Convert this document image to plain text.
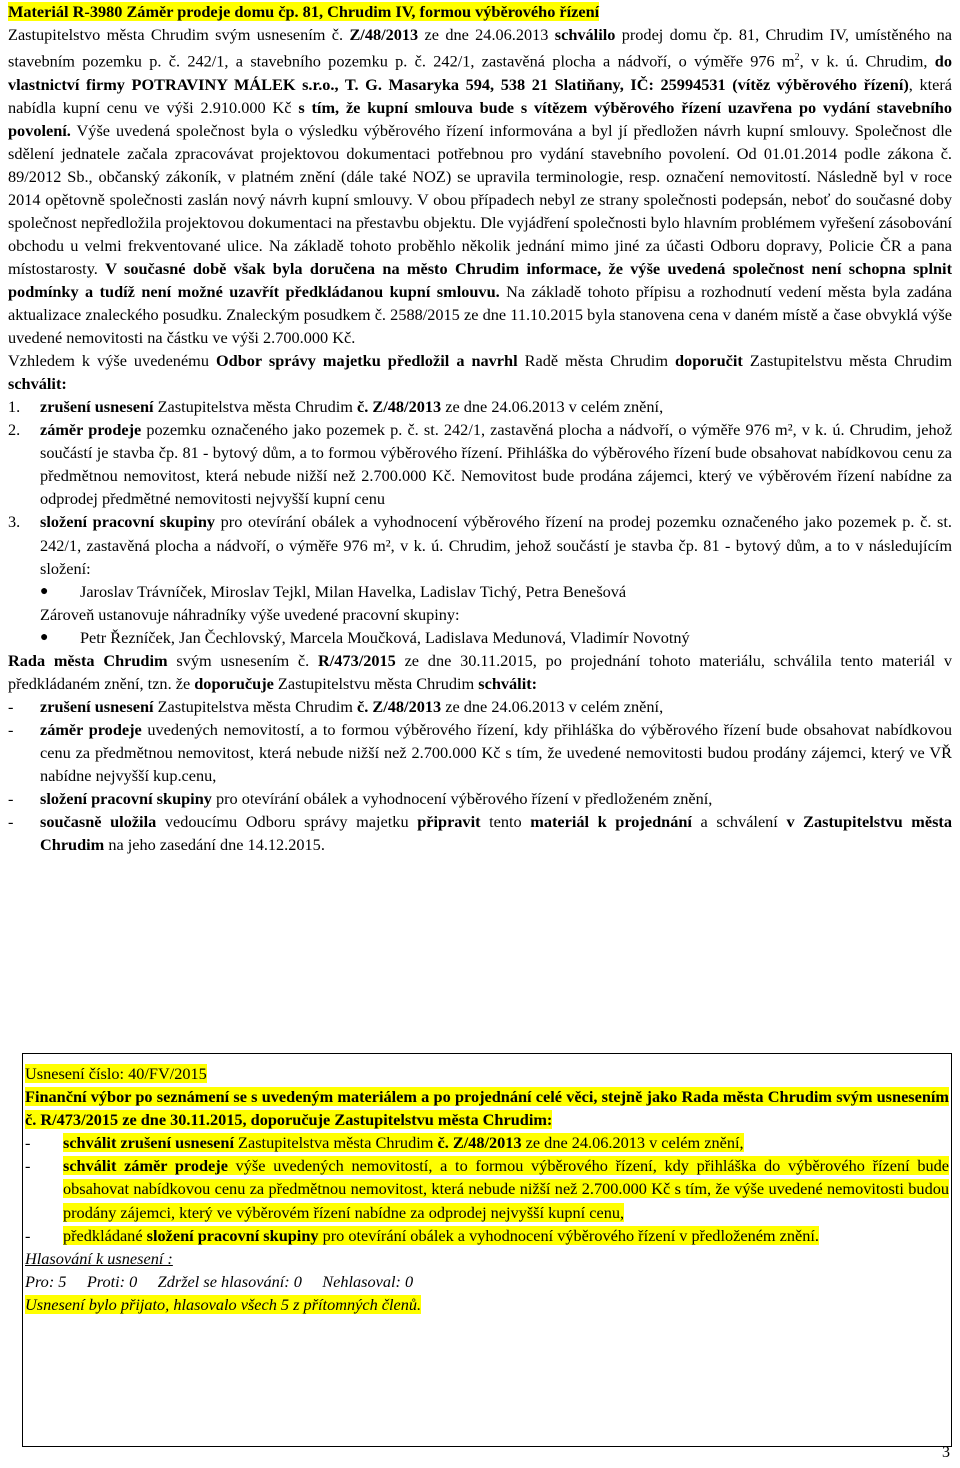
Materiál R-3980 Záměr prodeje domu čp. 81, Chrudim IV, formou výběrového řízení

Zastupitelstvo města Chrudim svým usnesením č. Z/48/2013 ze dne 24.06.2013 schválilo prodej domu čp. 81, Chrudim IV, umístěného na stavebním pozemku p. č. 242/1, a stavebního pozemku p. č. 242/1, zastavěná plocha a nádvoří, o výměře 976 $m^2$, v k. ú. Chrudim, do vlastnictví firmy POTRAVINY MÁLEK s.r.o., T. G. Masaryka 594, 538 21 Slatiňany, IČ: 25994531 (vítěz výběrového řízení), která nabídla kupní cenu ve výši 2.910.000 Kč s tím, že kupní smlouva bude s vítězem výběrového řízení uzavřena po vydání stavebního povolení. Výše uvedená společnost byla o výsledku výběrového řízení informována a byl jí předložen návrh kupní smlouvy. Společnost dle sdělení jednatele začala zpracovávat projektovou dokumentaci potřebnou pro vydání stavebního povolení. Od 01.01.2014 podle zákona č. 89/2012 Sb., občanský zákoník, v platném znění (dále také NOZ) se upravila terminologie, resp. označení nemovitostí. Následně byl v roce 2014 opětovně společnosti zaslán nový návrh kupní smlouvy. V obou případech nebyl ze strany společnosti podepsán, neboť do současné doby společnost nepředložila projektovou dokumentaci na přestavbu objektu. Dle vyjádření společnosti bylo hlavním problémem vyřešení zásobování obchodu u velmi frekventované ulice. Na základě tohoto proběhlo několik jednání mimo jiné za účasti Odboru dopravy, Policie ČR a pana místostarosty. V současné době však byla doručena na město Chrudim informace, že výše uvedená společnost není schopna splnit podmínky a tudíž není možné uzavřít předkládanou kupní smlouvu. Na základě tohoto přípisu a rozhodnutí vedení města byla zadána aktualizace znaleckého posudku. Znaleckým posudkem č. 2588/2015 ze dne 11.10.2015 byla stanovena cena v daném místě a čase obvyklá výše uvedené nemovitosti na částku ve výši 2.700.000 Kč.

Vzhledem k výše uvedenému Odbor správy majetku předložil a navrhl Radě města Chrudim doporučit Zastupitelstvu města Chrudim schválit:

1.	zrušení usnesení Zastupitelstva města Chrudim č. Z/48/2013 ze dne 24.06.2013 v celém znění,
2.	záměr prodeje pozemku označeného jako pozemek p. č. st. 242/1, zastavěná plocha a nádvoří, o výměře 976 m², v k. ú. Chrudim, jehož součástí je stavba čp. 81 - bytový dům, a to formou výběrového řízení. Přihláška do výběrového řízení bude obsahovat nabídkovou cenu za předmětnou nemovitost, která nebude nižší než 2.700.000 Kč. Nemovitost bude prodána zájemci, který ve výběrovém řízení nabídne za odprodej předmětné nemovitosti nejvyšší kupní cenu
3.	složení pracovní skupiny pro otevírání obálek a vyhodnocení výběrového řízení na prodej pozemku označeného jako pozemek p. č. st. 242/1, zastavěná plocha a nádvoří, o výměře 976 m², v k. ú. Chrudim, jehož součástí je stavba čp. 81 - bytový dům, a to v následujícím složení:
●	Jaroslav Trávníček, Miroslav Tejkl, Milan Havelka, Ladislav Tichý, Petra Benešová
Zároveň ustanovuje náhradníky výše uvedené pracovní skupiny:
●	Petr Řezníček, Jan Čechlovský, Marcela Moučková, Ladislava Medunová, Vladimír Novotný

Rada města Chrudim svým usnesením č. R/473/2015 ze dne 30.11.2015, po projednání tohoto materiálu, schválila tento materiál v předkládaném znění, tzn. že doporučuje Zastupitelstvu města Chrudim schválit:

-	zrušení usnesení Zastupitelstva města Chrudim č. Z/48/2013 ze dne 24.06.2013 v celém znění,
-	záměr prodeje uvedených nemovitostí, a to formou výběrového řízení, kdy přihláška do výběrového řízení bude obsahovat nabídkovou cenu za předmětnou nemovitost, která nebude nižší než 2.700.000 Kč s tím, že uvedené nemovitosti budou prodány zájemci, který ve VŘ nabídne nejvyšší kup.cenu,
-	složení pracovní skupiny pro otevírání obálek a vyhodnocení výběrového řízení v předloženém znění,
-	současně uložila vedoucímu Odboru správy majetku připravit tento materiál k projednání a schválení v Zastupitelstvu města Chrudim na jeho zasedání dne 14.12.2015.
Usnesení číslo: 40/FV/2015
Finanční výbor po seznámení se s uvedeným materiálem a po projednání celé věci, stejně jako Rada města Chrudim svým usnesením č. R/473/2015 ze dne 30.11.2015, doporučuje Zastupitelstvu města Chrudim:
-	schválit zrušení usnesení Zastupitelstva města Chrudim č. Z/48/2013 ze dne 24.06.2013 v celém znění,
-	schválit záměr prodeje výše uvedených nemovitostí, a to formou výběrového řízení, kdy přihláška do výběrového řízení bude obsahovat nabídkovou cenu za předmětnou nemovitost, která nebude nižší než 2.700.000 Kč s tím, že výše uvedené nemovitosti budou prodány zájemci, který ve výběrovém řízení nabídne za odprodej nejvyšší kupní cenu,
-	předkládané složení pracovní skupiny pro otevírání obálek a vyhodnocení výběrového řízení v předloženém znění.
Hlasování k usnesení :
Pro: 5 Proti: 0 Zdržel se hlasování: 0 Nehlasoval: 0
Usnesení bylo přijato, hlasovalo všech 5 z přítomných členů.
3
